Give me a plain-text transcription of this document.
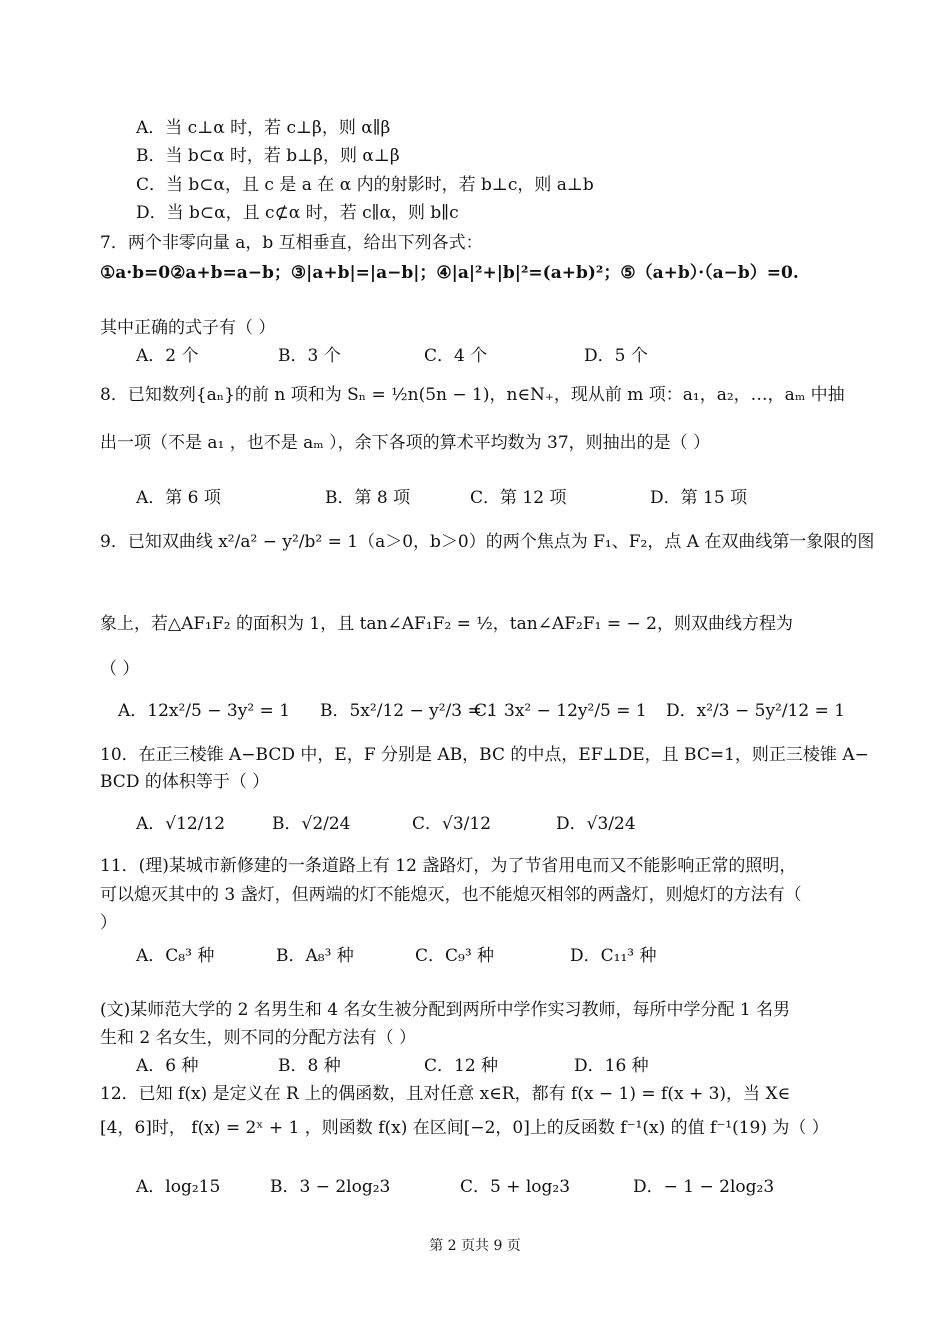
A．当 c⊥α 时，若 c⊥β，则 α∥β
B．当 b⊂α 时，若 b⊥β，则 α⊥β
C．当 b⊂α，且 c 是 a 在 α 内的射影时，若 b⊥c，则 a⊥b
D．当 b⊂α，且 c⊄α 时，若 c∥α，则 b∥c
7．两个非零向量 a，b 互相垂直，给出下列各式：
①a·b=0②a+b=a−b；③|a+b|=|a−b|；④|a|²+|b|²=(a+b)²；⑤（a+b）·（a−b）=0.
其中正确的式子有（ ）
A．2 个	B．3 个	C．4 个	D．5 个
8．已知数列{aₙ}的前 n 项和为 Sₙ = ½n(5n − 1)，n∈N₊，现从前 m 项：a₁，a₂，…，aₘ 中抽
出一项（不是 a₁ ，也不是 aₘ ），余下各项的算术平均数为 37，则抽出的是（ ）
A．第 6 项	B．第 8 项	C．第 12 项	D．第 15 项
9．已知双曲线 x²/a² − y²/b² = 1（a＞0，b＞0）的两个焦点为 F₁、F₂，点 A 在双曲线第一象限的图
象上，若△AF₁F₂ 的面积为 1，且 tan∠AF₁F₂ = ½，tan∠AF₂F₁ = − 2，则双曲线方程为
（ ）
A．12x²/5 − 3y² = 1 B．5x²/12 − y²/3 = 1
C．3x² − 12y²/5 = 1 D．x²/3 − 5y²/12 = 1
10．在正三棱锥 A−BCD 中，E，F 分别是 AB，BC 的中点，EF⊥DE，且 BC=1，则正三棱锥 A−
BCD 的体积等于（ ）
A．√12/12	B．√2/24	C．√3/12	D．√3/24
11．(理)某城市新修建的一条道路上有 12 盏路灯，为了节省用电而又不能影响正常的照明，
可以熄灭其中的 3 盏灯，但两端的灯不能熄灭，也不能熄灭相邻的两盏灯，则熄灯的方法有（
）
A．C₈³ 种	B．A₈³ 种	C．C₉³ 种	D．C₁₁³ 种
(文)某师范大学的 2 名男生和 4 名女生被分配到两所中学作实习教师，每所中学分配 1 名男
生和 2 名女生，则不同的分配方法有（ ）
A．6 种	B．8 种	C．12 种	D．16 种
12．已知 f(x) 是定义在 R 上的偶函数，且对任意 x∈R，都有 f(x − 1) = f(x + 3)，当 X∈
[4，6]时， f(x) = 2ˣ + 1 ，则函数 f(x) 在区间[−2，0]上的反函数 f⁻¹(x) 的值 f⁻¹(19) 为（ ）
A．log₂15	B．3 − 2log₂3	C．5 + log₂3	D．− 1 − 2log₂3
第 2 页共 9 页
